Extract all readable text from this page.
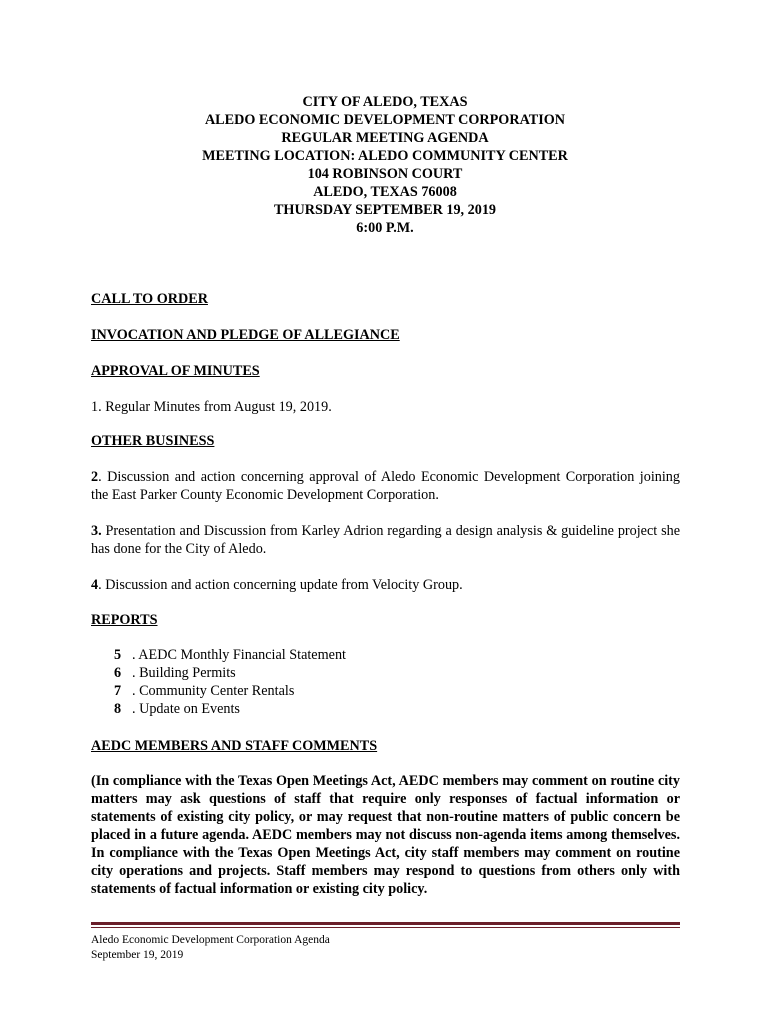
CITY OF ALEDO, TEXAS
ALEDO ECONOMIC DEVELOPMENT CORPORATION
REGULAR MEETING AGENDA
MEETING LOCATION: ALEDO COMMUNITY CENTER
104 ROBINSON COURT
ALEDO, TEXAS 76008
THURSDAY SEPTEMBER 19, 2019
6:00 P.M.
CALL TO ORDER
INVOCATION AND PLEDGE OF ALLEGIANCE
APPROVAL OF MINUTES
1. Regular Minutes from August 19, 2019.
OTHER BUSINESS
2. Discussion and action concerning approval of Aledo Economic Development Corporation joining the East Parker County Economic Development Corporation.
3. Presentation and Discussion from Karley Adrion regarding a design analysis & guideline project she has done for the City of Aledo.
4. Discussion and action concerning update from Velocity Group.
REPORTS
5 . AEDC Monthly Financial Statement
6 . Building Permits
7 . Community Center Rentals
8 . Update on Events
AEDC MEMBERS AND STAFF COMMENTS
(In compliance with the Texas Open Meetings Act, AEDC members may comment on routine city matters may ask questions of staff that require only responses of factual information or statements of existing city policy, or may request that non-routine matters of public concern be placed in a future agenda. AEDC members may not discuss non-agenda items among themselves. In compliance with the Texas Open Meetings Act, city staff members may comment on routine city operations and projects. Staff members may respond to questions from others only with statements of factual information or existing city policy.
Aledo Economic Development Corporation Agenda
September 19, 2019
